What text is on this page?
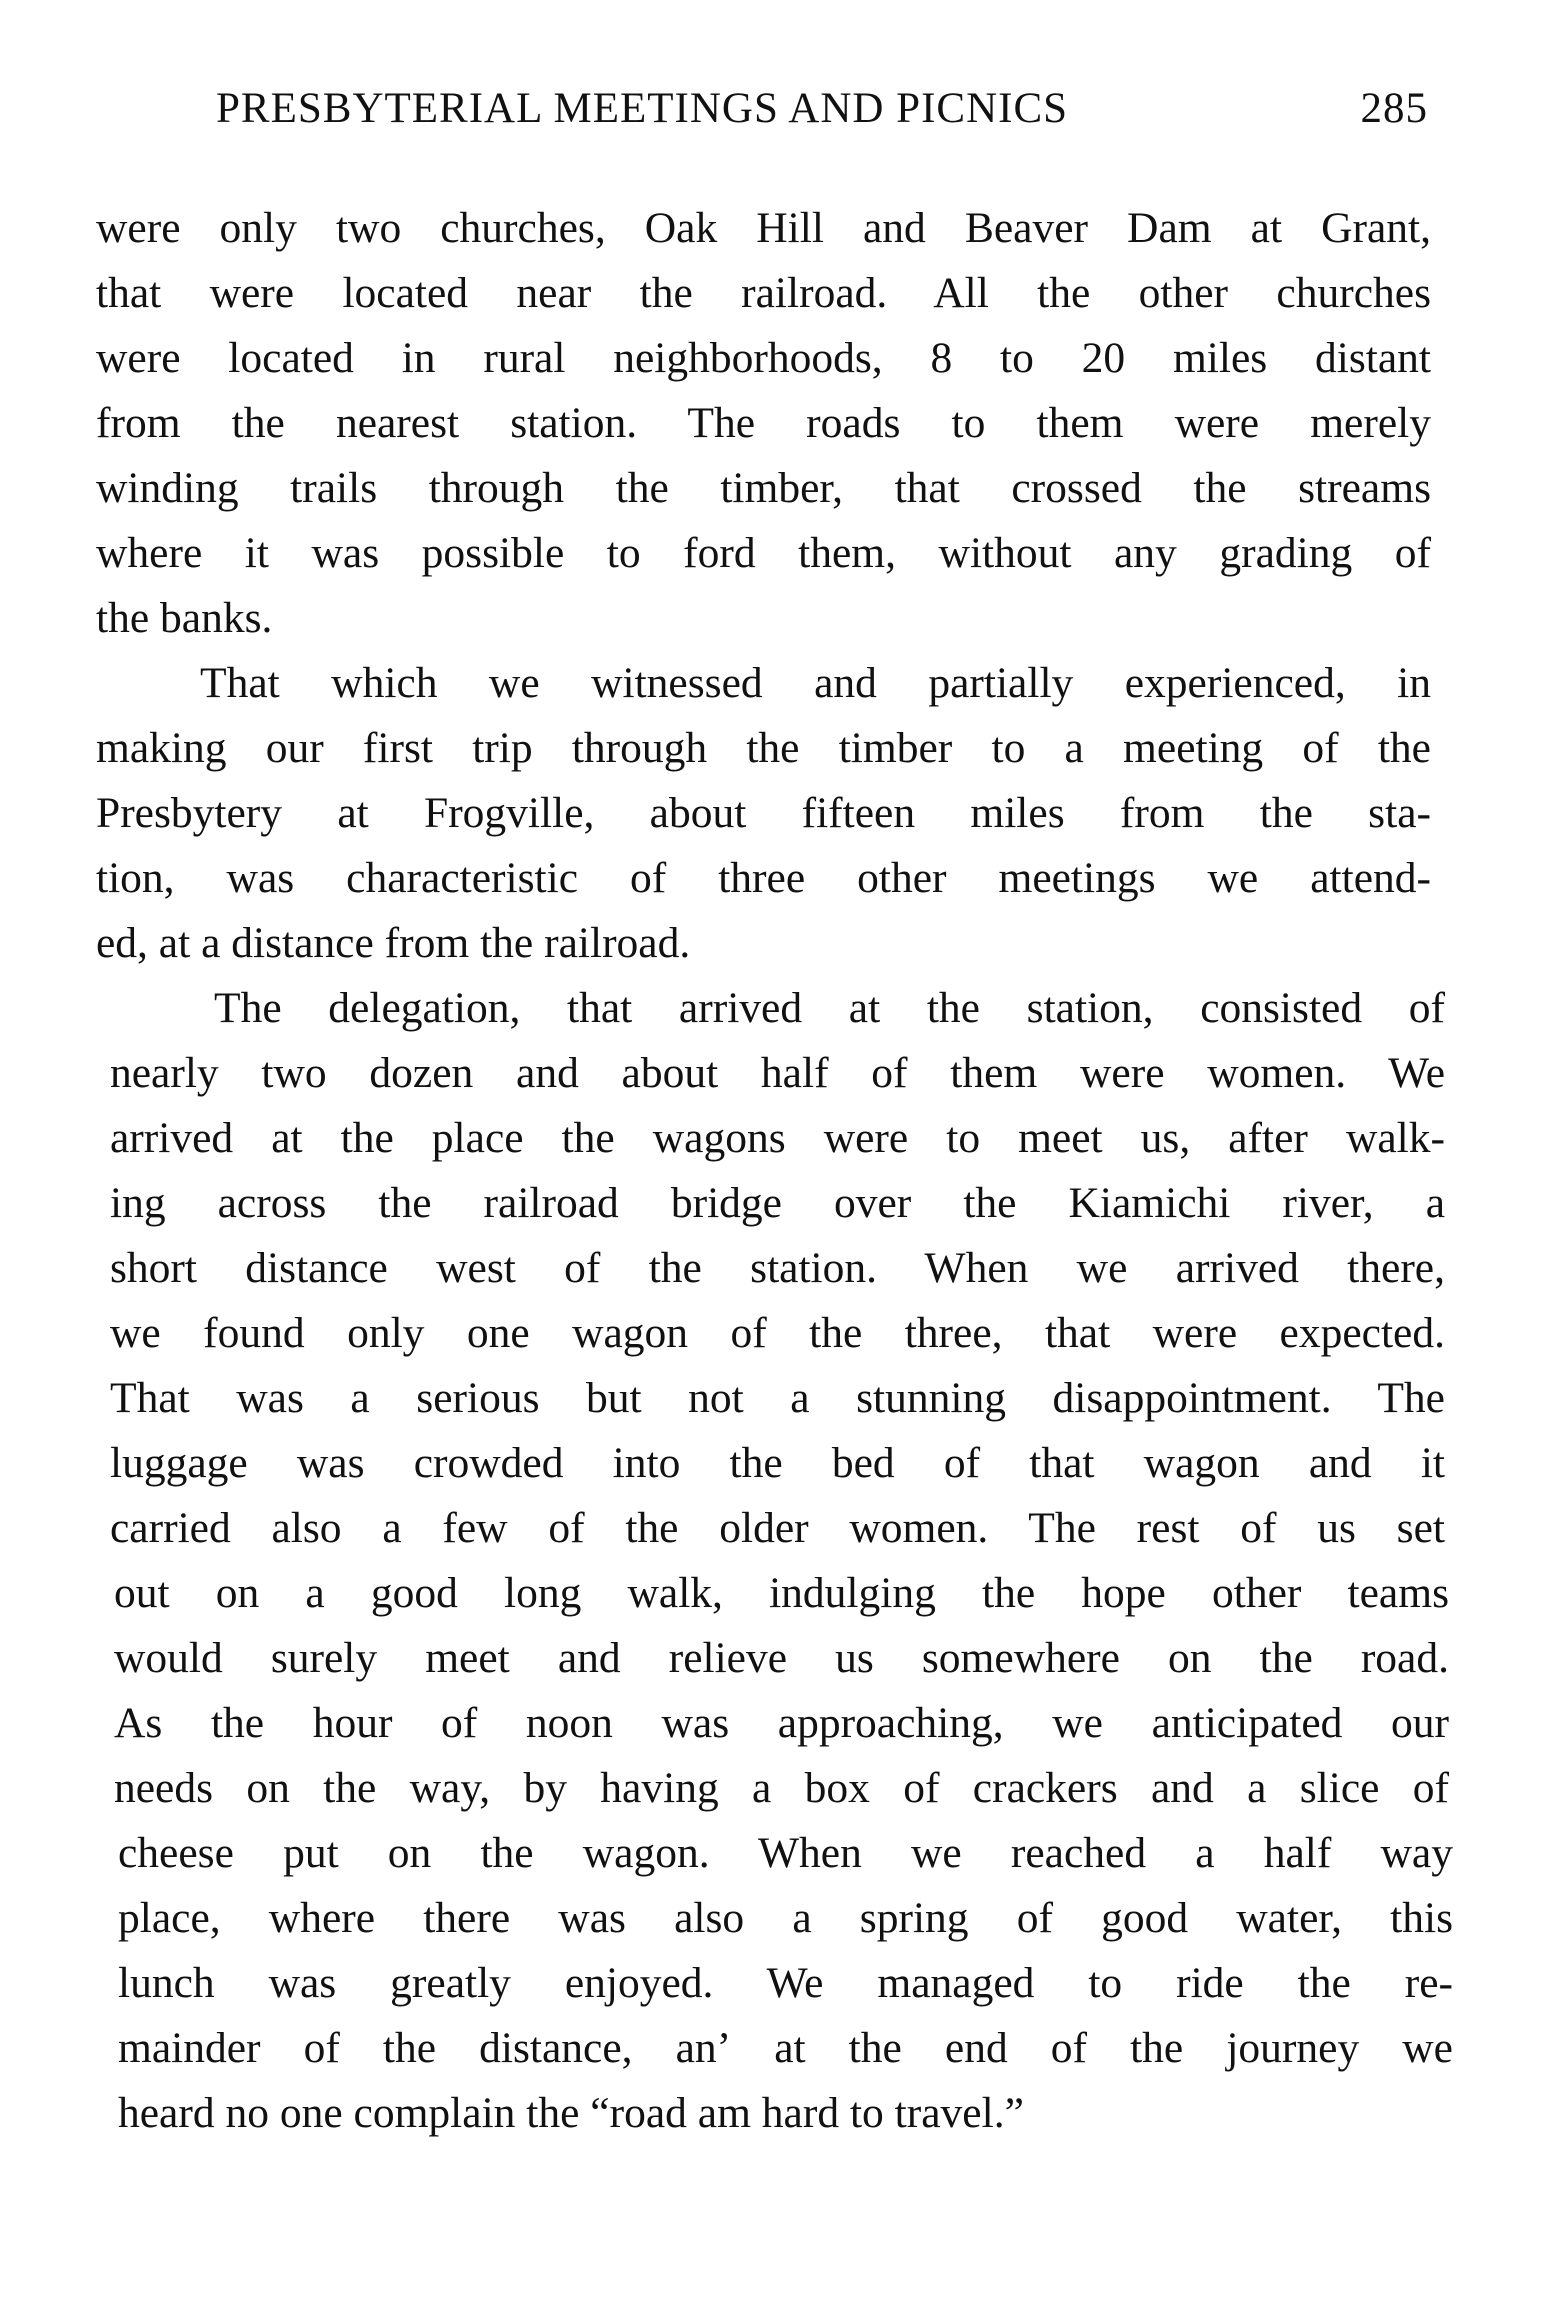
PRESBYTERIAL MEETINGS AND PICNICS	285
were only two churches, Oak Hill and Beaver Dam at Grant,
that were located near the railroad. All the other churches
were located in rural neighborhoods, 8 to 20 miles distant
from the nearest station. The roads to them were merely
winding trails through the timber, that crossed the streams
where it was possible to ford them, without any grading of
the banks.
That which we witnessed and partially experienced, in
making our first trip through the timber to a meeting of the
Presbytery at Frogville, about fifteen miles from the sta-
tion, was characteristic of three other meetings we attend-
ed, at a distance from the railroad.
The delegation, that arrived at the station, consisted of
nearly two dozen and about half of them were women. We
arrived at the place the wagons were to meet us, after walk-
ing across the railroad bridge over the Kiamichi river, a
short distance west of the station. When we arrived there,
we found only one wagon of the three, that were expected.
That was a serious but not a stunning disappointment. The
luggage was crowded into the bed of that wagon and it
carried also a few of the older women. The rest of us set
out on a good long walk, indulging the hope other teams
would surely meet and relieve us somewhere on the road.
As the hour of noon was approaching, we anticipated our
needs on the way, by having a box of crackers and a slice of
cheese put on the wagon. When we reached a half way
place, where there was also a spring of good water, this
lunch was greatly enjoyed. We managed to ride the re-
mainder of the distance, anʼ at the end of the journey we
heard no one complain the “road am hard to travel.”
